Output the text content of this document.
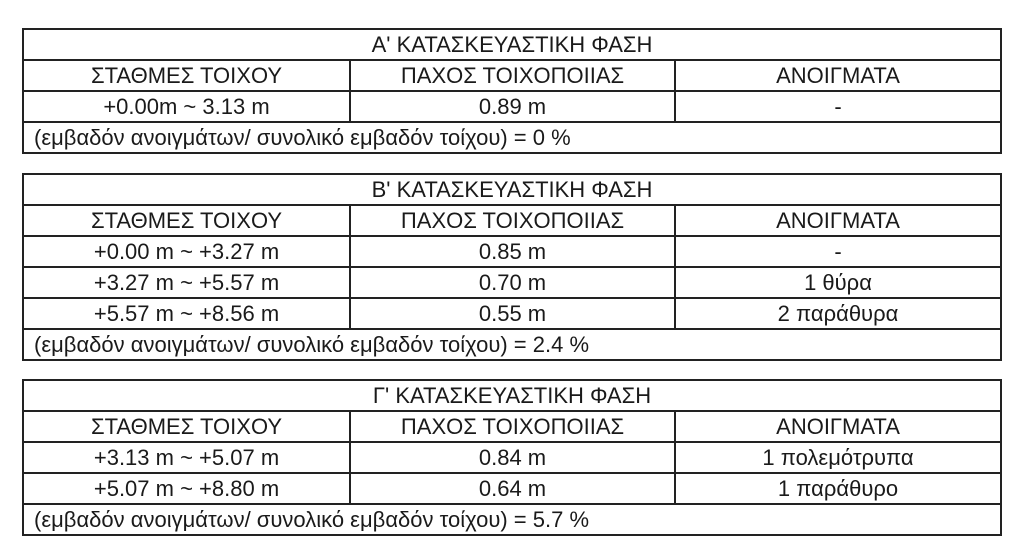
Α' ΚΑΤΑΣΚΕΥΑΣΤΙΚΗ ΦΑΣΗ		
ΣΤΑΘΜΕΣ ΤΟΙΧΟΥ	ΠΑΧΟΣ ΤΟΙΧΟΠΟΙΙΑΣ	ΑΝΟΙΓΜΑΤΑ
+0.00m ~ 3.13 m	0.89 m	-
(εμβαδόν ανοιγμάτων/ συνολικό εμβαδόν τοίχου) = 0 %		
Β' ΚΑΤΑΣΚΕΥΑΣΤΙΚΗ ΦΑΣΗ		
ΣΤΑΘΜΕΣ ΤΟΙΧΟΥ	ΠΑΧΟΣ ΤΟΙΧΟΠΟΙΙΑΣ	ΑΝΟΙΓΜΑΤΑ
+0.00 m ~ +3.27 m	0.85 m	-
+3.27 m ~ +5.57 m	0.70 m	1 θύρα
+5.57 m ~ +8.56 m	0.55 m	2 παράθυρα
(εμβαδόν ανοιγμάτων/ συνολικό εμβαδόν τοίχου) = 2.4 %		
Γ' ΚΑΤΑΣΚΕΥΑΣΤΙΚΗ ΦΑΣΗ		
ΣΤΑΘΜΕΣ ΤΟΙΧΟΥ	ΠΑΧΟΣ ΤΟΙΧΟΠΟΙΙΑΣ	ΑΝΟΙΓΜΑΤΑ
+3.13 m ~ +5.07 m	0.84 m	1 πολεμότρυπα
+5.07 m ~ +8.80 m	0.64 m	1 παράθυρο
(εμβαδόν ανοιγμάτων/ συνολικό εμβαδόν τοίχου) = 5.7 %		
